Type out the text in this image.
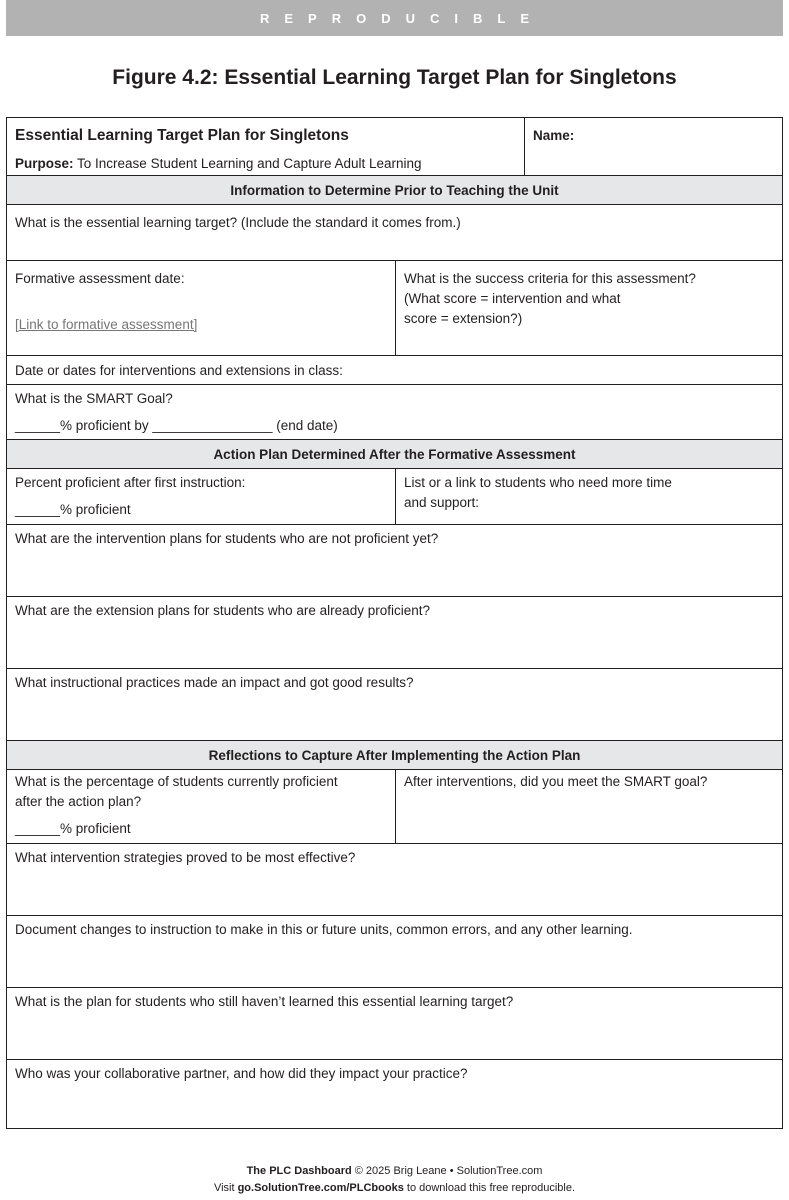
REPRODUCIBLE
Figure 4.2: Essential Learning Target Plan for Singletons
Essential Learning Target Plan for Singletons
Purpose: To Increase Student Learning and Capture Adult Learning
Name:
Information to Determine Prior to Teaching the Unit
What is the essential learning target? (Include the standard it comes from.)
Formative assessment date:
[Link to formative assessment]
What is the success criteria for this assessment?
(What score = intervention and what
score = extension?)
Date or dates for interventions and extensions in class:
What is the SMART Goal?
______% proficient by ________________ (end date)
Action Plan Determined After the Formative Assessment
Percent proficient after first instruction:
______% proficient
List or a link to students who need more time
and support:
What are the intervention plans for students who are not proficient yet?
What are the extension plans for students who are already proficient?
What instructional practices made an impact and got good results?
Reflections to Capture After Implementing the Action Plan
What is the percentage of students currently proficient
after the action plan?
______% proficient
After interventions, did you meet the SMART goal?
What intervention strategies proved to be most effective?
Document changes to instruction to make in this or future units, common errors, and any other learning.
What is the plan for students who still haven’t learned this essential learning target?
Who was your collaborative partner, and how did they impact your practice?
The PLC Dashboard © 2025 Brig Leane • SolutionTree.com
Visit go.SolutionTree.com/PLCbooks to download this free reproducible.
